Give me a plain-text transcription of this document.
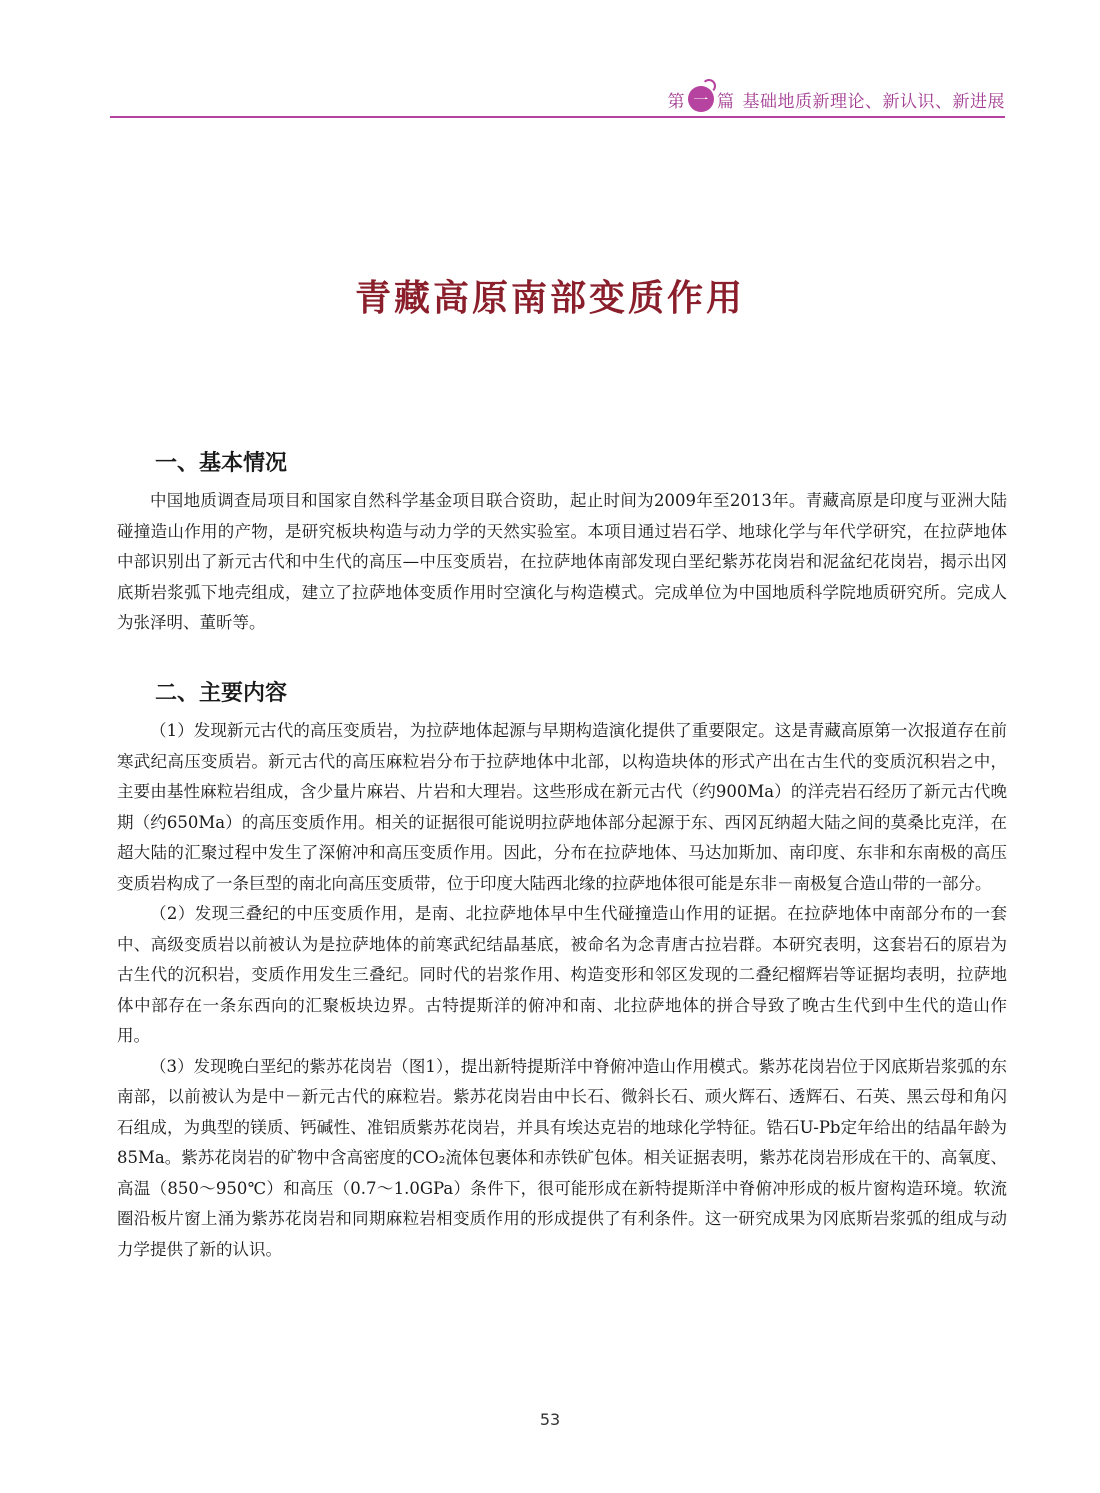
第 一 篇 基础地质新理论、新认识、新进展
青藏高原南部变质作用
一、基本情况

中国地质调查局项目和国家自然科学基金项目联合资助，起止时间为2009年至2013年。青藏高原是印度与亚洲大陆碰撞造山作用的产物，是研究板块构造与动力学的天然实验室。本项目通过岩石学、地球化学与年代学研究，在拉萨地体中部识别出了新元古代和中生代的高压—中压变质岩，在拉萨地体南部发现白垩纪紫苏花岗岩和泥盆纪花岗岩，揭示出冈底斯岩浆弧下地壳组成，建立了拉萨地体变质作用时空演化与构造模式。完成单位为中国地质科学院地质研究所。完成人为张泽明、董昕等。

二、主要内容

（1）发现新元古代的高压变质岩，为拉萨地体起源与早期构造演化提供了重要限定。这是青藏高原第一次报道存在前寒武纪高压变质岩。新元古代的高压麻粒岩分布于拉萨地体中北部，以构造块体的形式产出在古生代的变质沉积岩之中，主要由基性麻粒岩组成，含少量片麻岩、片岩和大理岩。这些形成在新元古代（约900Ma）的洋壳岩石经历了新元古代晚期（约650Ma）的高压变质作用。相关的证据很可能说明拉萨地体部分起源于东、西冈瓦纳超大陆之间的莫桑比克洋，在超大陆的汇聚过程中发生了深俯冲和高压变质作用。因此，分布在拉萨地体、马达加斯加、南印度、东非和东南极的高压变质岩构成了一条巨型的南北向高压变质带，位于印度大陆西北缘的拉萨地体很可能是东非－南极复合造山带的一部分。

（2）发现三叠纪的中压变质作用，是南、北拉萨地体早中生代碰撞造山作用的证据。在拉萨地体中南部分布的一套中、高级变质岩以前被认为是拉萨地体的前寒武纪结晶基底，被命名为念青唐古拉岩群。本研究表明，这套岩石的原岩为古生代的沉积岩，变质作用发生三叠纪。同时代的岩浆作用、构造变形和邻区发现的二叠纪榴辉岩等证据均表明，拉萨地体中部存在一条东西向的汇聚板块边界。古特提斯洋的俯冲和南、北拉萨地体的拼合导致了晚古生代到中生代的造山作用。

（3）发现晚白垩纪的紫苏花岗岩（图1），提出新特提斯洋中脊俯冲造山作用模式。紫苏花岗岩位于冈底斯岩浆弧的东南部，以前被认为是中－新元古代的麻粒岩。紫苏花岗岩由中长石、微斜长石、顽火辉石、透辉石、石英、黑云母和角闪石组成，为典型的镁质、钙碱性、准铝质紫苏花岗岩，并具有埃达克岩的地球化学特征。锆石U-Pb定年给出的结晶年龄为85Ma。紫苏花岗岩的矿物中含高密度的CO₂流体包裹体和赤铁矿包体。相关证据表明，紫苏花岗岩形成在干的、高氧度、高温（850～950℃）和高压（0.7～1.0GPa）条件下，很可能形成在新特提斯洋中脊俯冲形成的板片窗构造环境。软流圈沿板片窗上涌为紫苏花岗岩和同期麻粒岩相变质作用的形成提供了有利条件。这一研究成果为冈底斯岩浆弧的组成与动力学提供了新的认识。

53
